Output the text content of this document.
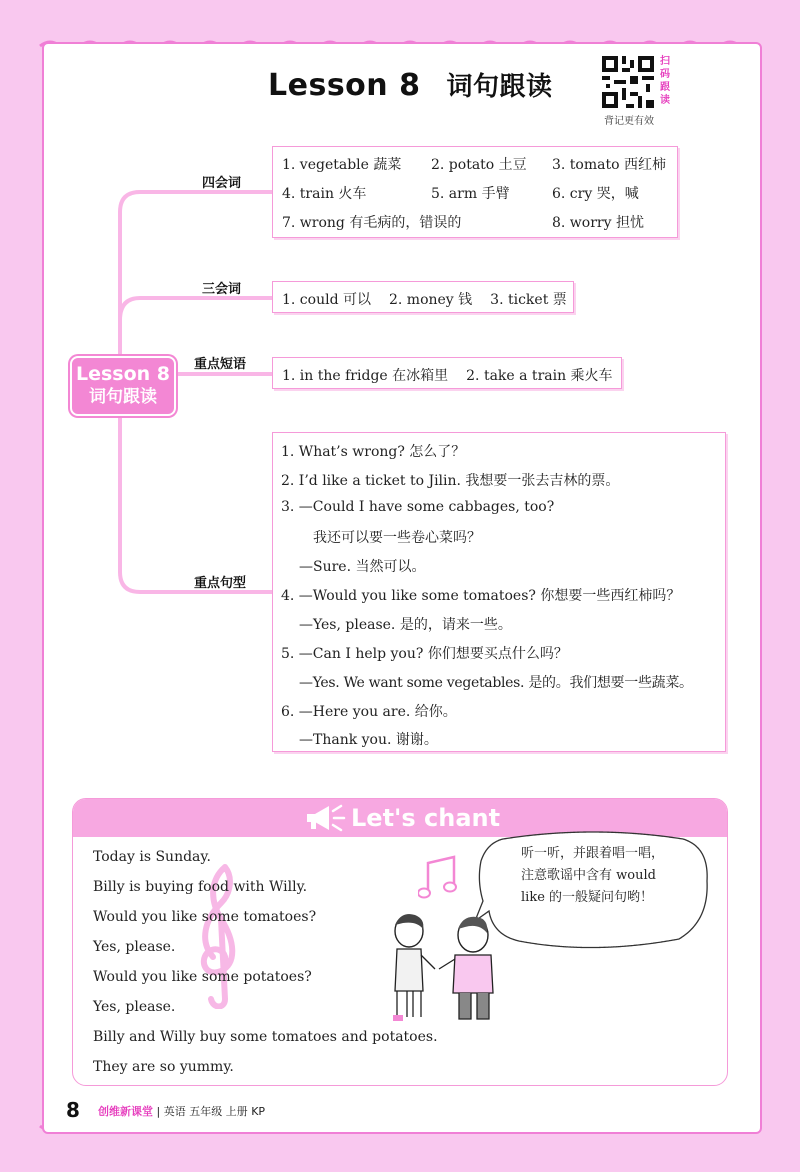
Lesson 8 词句跟读
扫码跟读
背记更有效
Lesson 8
词句跟读
四会词
三会词
重点短语
重点句型
1. vegetable 蔬菜 2. potato 土豆 3. tomato 西红柿
4. train 火车	5. arm 手臂	6. cry 哭，喊
7. wrong 有毛病的，错误的	8. worry 担忧
1. could 可以 2. money 钱 3. ticket 票
1. in the fridge 在冰箱里 2. take a train 乘火车
1. What’s wrong? 怎么了？
2. I’d like a ticket to Jilin. 我想要一张去吉林的票。
3. —Could I have some cabbages, too?
我还可以要一些卷心菜吗？
—Sure. 当然可以。
4. —Would you like some tomatoes? 你想要一些西红柿吗？
—Yes, please. 是的，请来一些。
5. —Can I help you? 你们想要买点什么吗？
—Yes. We want some vegetables. 是的。我们想要一些蔬菜。
6. —Here you are. 给你。
—Thank you. 谢谢。
Let's chant
Today is Sunday.
Billy is buying food with Willy.
Would you like some tomatoes?
Yes, please.
Would you like some potatoes?
Yes, please.
Billy and Willy buy some tomatoes and potatoes.
They are so yummy.
听一听，并跟着唱一唱，
注意歌谣中含有 would
like 的一般疑问句哟！
8 创维新课堂 | 英语 五年级 上册 KP
